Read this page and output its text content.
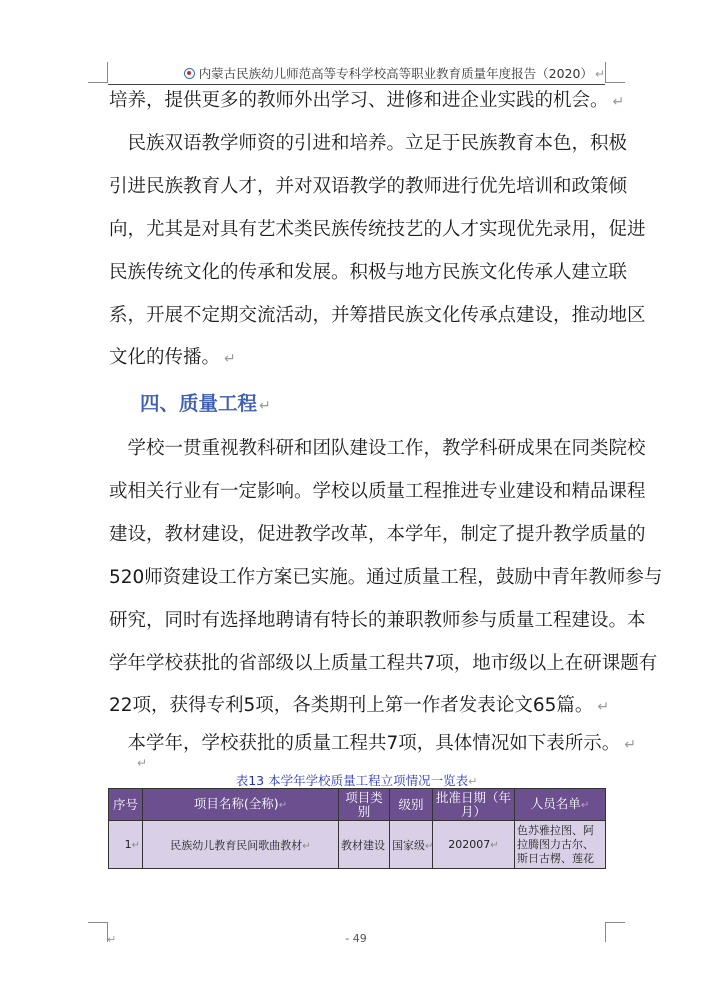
内蒙古民族幼儿师范高等专科学校高等职业教育质量年度报告（2020） ↵
培养，提供更多的教师外出学习、进修和进企业实践的机会。 ↵
　民族双语教学师资的引进和培养。立足于民族教育本色，积极
引进民族教育人才，并对双语教学的教师进行优先培训和政策倾
向，尤其是对具有艺术类民族传统技艺的人才实现优先录用，促进
民族传统文化的传承和发展。积极与地方民族文化传承人建立联
系，开展不定期交流活动，并筹措民族文化传承点建设，推动地区
文化的传播。 ↵
四、质量工程 ↵
　学校一贯重视教科研和团队建设工作，教学科研成果在同类院校
或相关行业有一定影响。学校以质量工程推进专业建设和精品课程
建设，教材建设，促进教学改革，本学年，制定了提升教学质量的
520师资建设工作方案已实施。通过质量工程，鼓励中青年教师参与
研究，同时有选择地聘请有特长的兼职教师参与质量工程建设。本
学年学校获批的省部级以上质量工程共7项，地市级以上在研课题有
22项，获得专利5项，各类期刊上第一作者发表论文65篇。 ↵
　本学年，学校获批的质量工程共7项，具体情况如下表所示。 ↵
↵
表13 本学年学校质量工程立项情况一览表↵
序号	项目名称(全称)↵	项目类别	级别	批准日期（年月）	人员名单↵
1↵	民族幼儿教育民间歌曲教材↵	教材建设	国家级↵	202007↵	色苏雅拉图、阿拉腾图力古尔、斯日古楞、莲花
↵	- 49
